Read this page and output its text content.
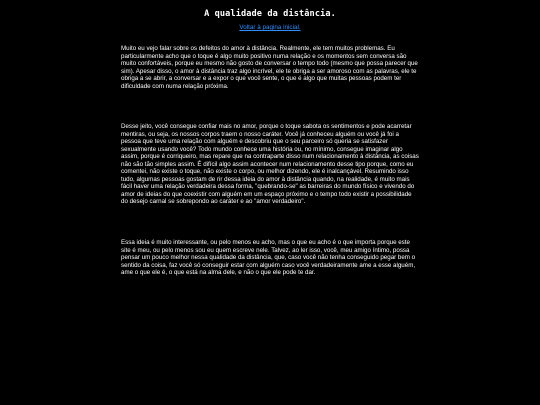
A qualidade da distância.
Voltar à pagina inicial.

Muito eu vejo falar sobre os defeitos do amor à distância. Realmente, ele tem muitos problemas. Eu particularmente acho que o toque é algo muito positivo numa relação e os momentos sem conversa são muito confortáveis, porque eu mesmo não gosto de conversar o tempo todo (mesmo que possa parecer que sim). Apesar disso, o amor à distância traz algo incrível, ele te obriga a ser amoroso com as palavras, ele te obriga a se abrir, a conversar e a expor o que você sente, o que é algo que muitas pessoas podem ter dificuldade com numa relação próxima.

Desse jeito, você consegue confiar mais no amor, porque o toque sabota os sentimentos e pode acarretar mentiras, ou seja, os nossos corpos traem o nosso caráter. Você já conheceu alguém ou você já foi a pessoa que teve uma relação com alguém e descobriu que o seu parceiro só queria se satisfazer sexualmente usando você? Todo mundo conhece uma história ou, no mínimo, consegue imaginar algo assim, porque é corriqueiro, mas repare que na contraparte disso num relacionamento à distância, as coisas não são tão simples assim. É difícil algo assim acontecer num relacionamento desse tipo porque, como eu comentei, não existe o toque, não existe o corpo, ou melhor dizendo, ele é inalcançável. Resumindo isso tudo, algumas pessoas gostam de rir dessa ideia do amor à distância quando, na realidade, é muito mais fácil haver uma relação verdadeira dessa forma, "quebrando-se" as barreiras do mundo físico e vivendo do amor de ideias do que coexistir com alguém em um espaço próximo e o tempo todo existir a possibilidade do desejo carnal se sobrepondo ao caráter e ao "amor verdadeiro".

Essa ideia é muito interessante, ou pelo menos eu acho, mas o que eu acho é o que importa porque este site é meu, ou pelo menos sou eu quem escreve nele. Talvez, ao ler isso, você, meu amigo íntimo, possa pensar um pouco melhor nessa qualidade da distância, que, caso você não tenha conseguido pegar bem o sentido da coisa, faz você só conseguir estar com alguém caso você verdadeiramente ame a esse alguém, ame o que ele é, o que está na alma dele, e não o que ele pode te dar.
